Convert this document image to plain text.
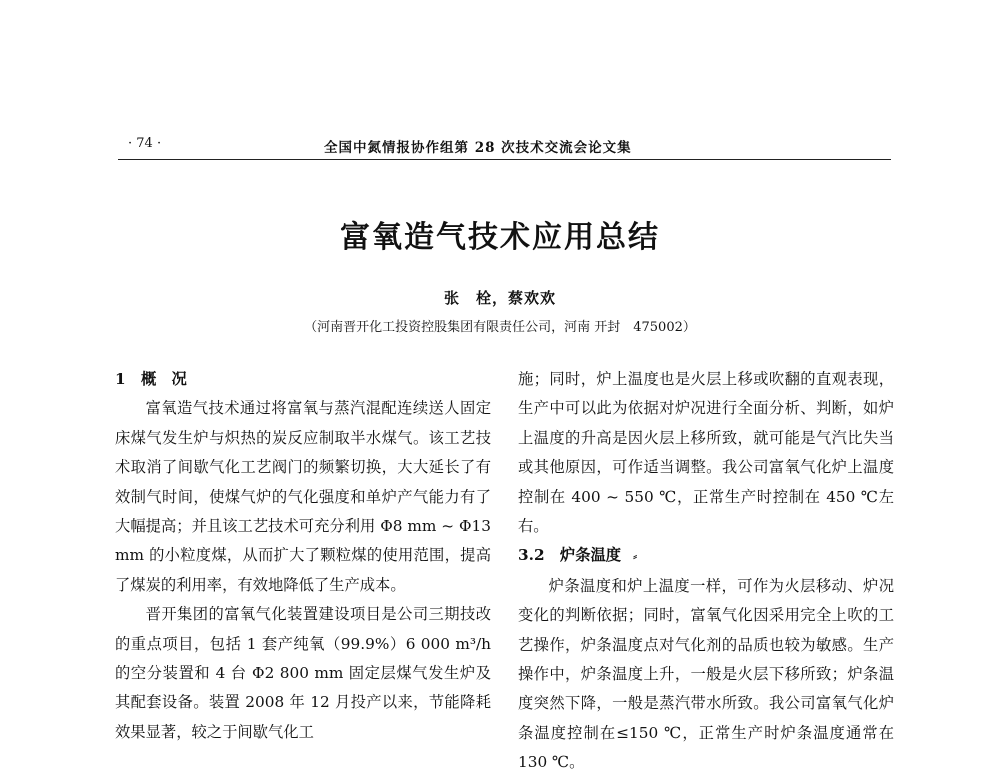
· 74 ·	全国中氮情报协作组第 28 次技术交流会论文集
富氧造气技术应用总结
张　栓，蔡欢欢
（河南晋开化工投资控股集团有限责任公司，河南 开封　475002）

1　概　况

富氧造气技术通过将富氧与蒸汽混配连续送人固定床煤气发生炉与炽热的炭反应制取半水煤气。该工艺技术取消了间歇气化工艺阀门的频繁切换，大大延长了有效制气时间，使煤气炉的气化强度和单炉产气能力有了大幅提高；并且该工艺技术可充分利用 Φ8 mm ~ Φ13 mm 的小粒度煤，从而扩大了颗粒煤的使用范围，提高了煤炭的利用率，有效地降低了生产成本。

晋开集团的富氧气化装置建设项目是公司三期技改的重点项目，包括 1 套产纯氧（99.9%）6 000 m³/h 的空分装置和 4 台 Φ2 800 mm 固定层煤气发生炉及其配套设备。装置 2008 年 12 月投产以来，节能降耗效果显著，较之于间歇气化工

施；同时，炉上温度也是火层上移或吹翻的直观表现，生产中可以此为依据对炉况进行全面分析、判断，如炉上温度的升高是因火层上移所致，就可能是气汽比失当或其他原因，可作适当调整。我公司富氧气化炉上温度控制在 400 ~ 550 ℃，正常生产时控制在 450 ℃左右。

3.2　炉条温度 ⸗

炉条温度和炉上温度一样，可作为火层移动、炉况变化的判断依据；同时，富氧气化因采用完全上吹的工艺操作，炉条温度点对气化剂的品质也较为敏感。生产操作中，炉条温度上升，一般是火层下移所致；炉条温度突然下降，一般是蒸汽带水所致。我公司富氧气化炉条温度控制在≤150 ℃，正常生产时炉条温度通常在 130 ℃。
